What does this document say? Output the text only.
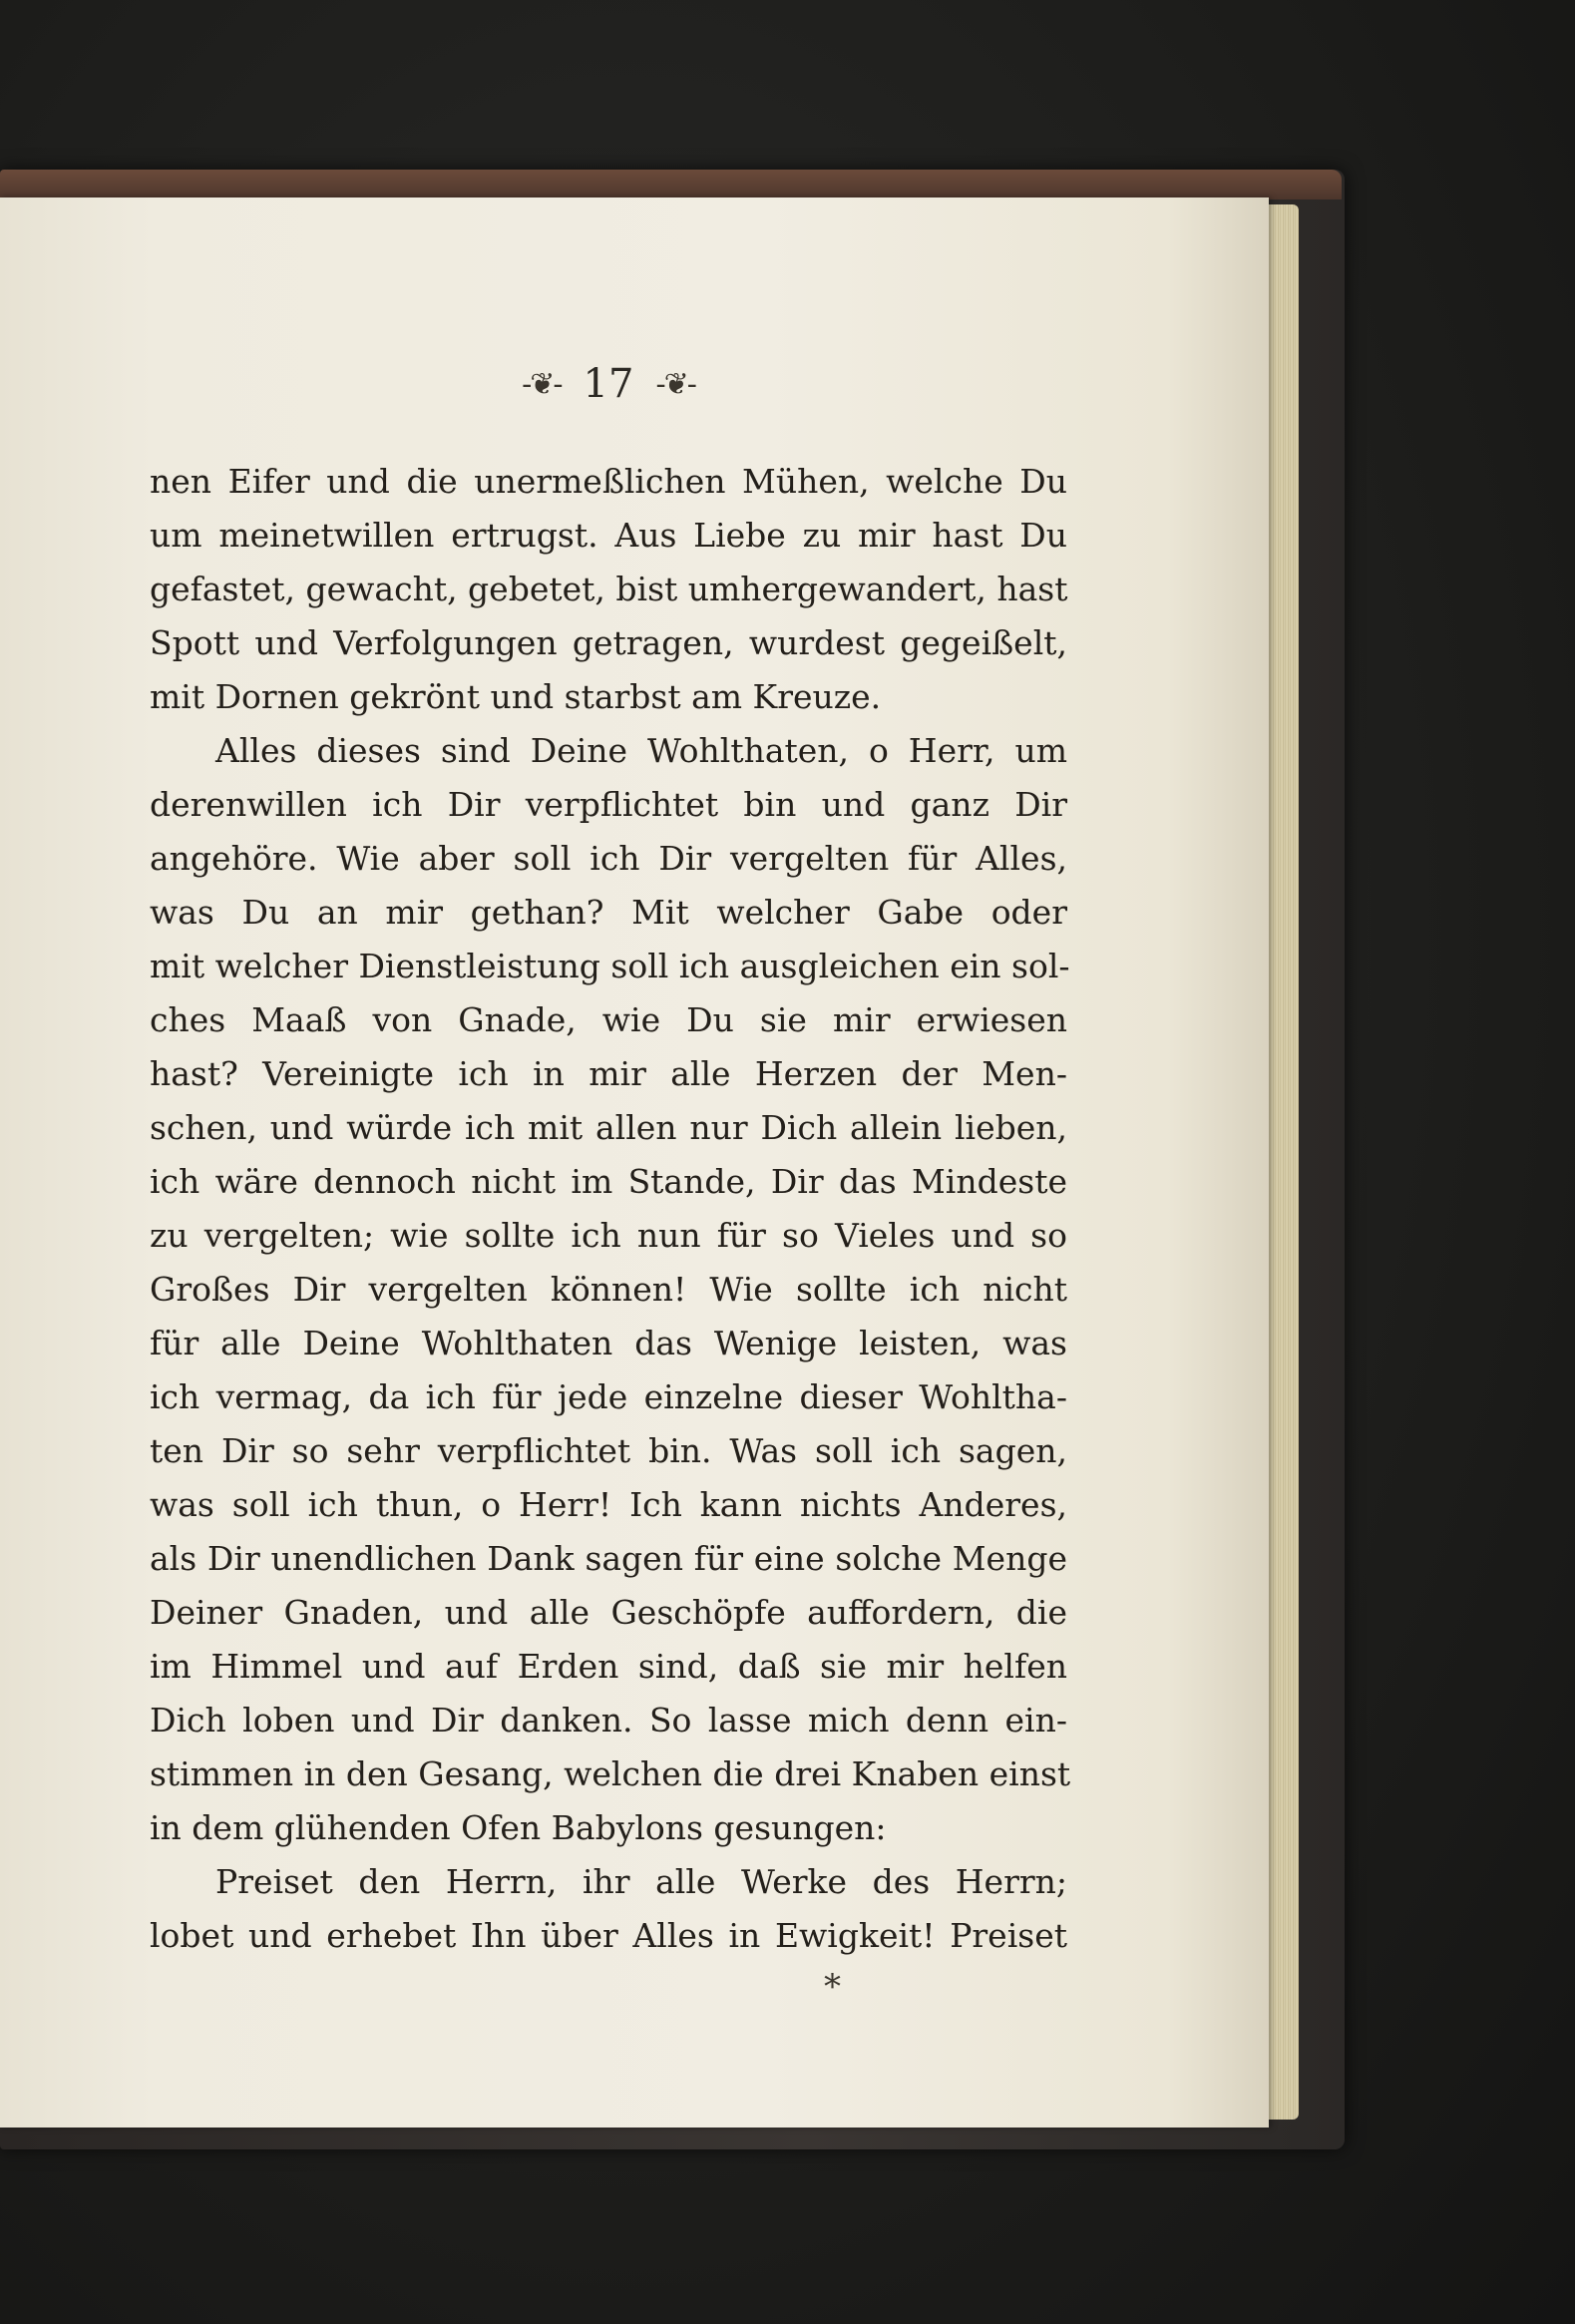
-❦- 17 -❦-
nen Eifer und die unermeßlichen Mühen, welche Du
um meinetwillen ertrugst. Aus Liebe zu mir hast Du
gefastet, gewacht, gebetet, bist umhergewandert, hast
Spott und Verfolgungen getragen, wurdest gegeißelt,
mit Dornen gekrönt und starbst am Kreuze.
Alles dieses sind Deine Wohlthaten, o Herr, um
derenwillen ich Dir verpflichtet bin und ganz Dir
angehöre. Wie aber soll ich Dir vergelten für Alles,
was Du an mir gethan? Mit welcher Gabe oder
mit welcher Dienstleistung soll ich ausgleichen ein sol-
ches Maaß von Gnade, wie Du sie mir erwiesen
hast? Vereinigte ich in mir alle Herzen der Men-
schen, und würde ich mit allen nur Dich allein lieben,
ich wäre dennoch nicht im Stande, Dir das Mindeste
zu vergelten; wie sollte ich nun für so Vieles und so
Großes Dir vergelten können! Wie sollte ich nicht
für alle Deine Wohlthaten das Wenige leisten, was
ich vermag, da ich für jede einzelne dieser Wohltha-
ten Dir so sehr verpflichtet bin. Was soll ich sagen,
was soll ich thun, o Herr! Ich kann nichts Anderes,
als Dir unendlichen Dank sagen für eine solche Menge
Deiner Gnaden, und alle Geschöpfe auffordern, die
im Himmel und auf Erden sind, daß sie mir helfen
Dich loben und Dir danken. So lasse mich denn ein-
stimmen in den Gesang, welchen die drei Knaben einst
in dem glühenden Ofen Babylons gesungen:
Preiset den Herrn, ihr alle Werke des Herrn;
lobet und erhebet Ihn über Alles in Ewigkeit! Preiset
*
